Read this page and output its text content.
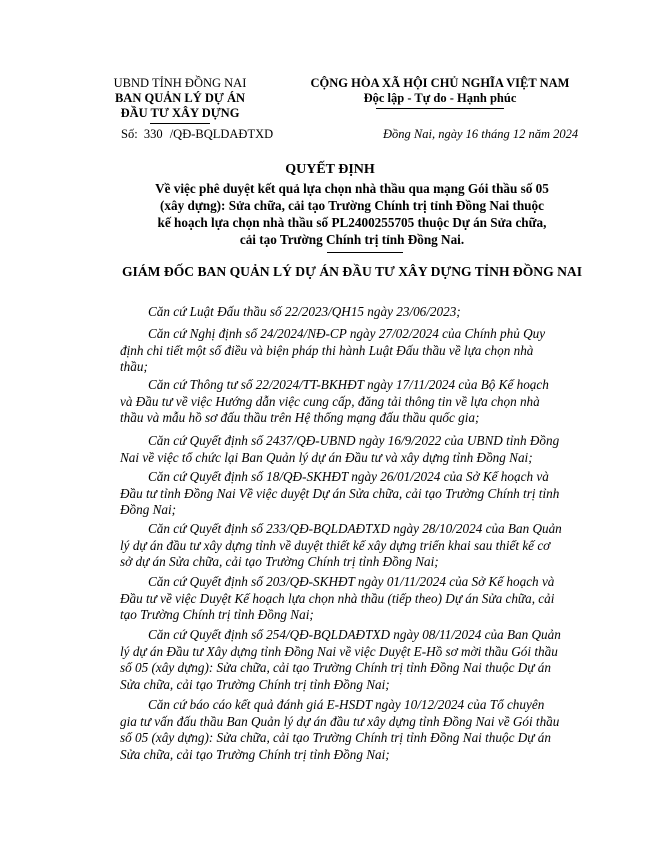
UBND TỈNH ĐỒNG NAI
BAN QUẢN LÝ DỰ ÁN
ĐẦU TƯ XÂY DỰNG
CỘNG HÒA XÃ HỘI CHỦ NGHĨA VIỆT NAM
Độc lập - Tự do - Hạnh phúc
Số: 330 /QĐ-BQLDAĐTXD	Đồng Nai, ngày 16 tháng 12 năm 2024
QUYẾT ĐỊNH
Về việc phê duyệt kết quả lựa chọn nhà thầu qua mạng Gói thầu số 05
(xây dựng): Sửa chữa, cải tạo Trường Chính trị tỉnh Đồng Nai thuộc
kế hoạch lựa chọn nhà thầu số PL2400255705 thuộc Dự án Sửa chữa,
cải tạo Trường Chính trị tỉnh Đồng Nai.
GIÁM ĐỐC BAN QUẢN LÝ DỰ ÁN ĐẦU TƯ XÂY DỰNG TỈNH ĐỒNG NAI
Căn cứ Luật Đấu thầu số 22/2023/QH15 ngày 23/06/2023;
Căn cứ Nghị định số 24/2024/NĐ-CP ngày 27/02/2024 của Chính phủ Quy
định chi tiết một số điều và biện pháp thi hành Luật Đấu thầu về lựa chọn nhà
thầu;
Căn cứ Thông tư số 22/2024/TT-BKHĐT ngày 17/11/2024 của Bộ Kế hoạch
và Đầu tư về việc Hướng dẫn việc cung cấp, đăng tải thông tin về lựa chọn nhà
thầu và mẫu hồ sơ đấu thầu trên Hệ thống mạng đấu thầu quốc gia;
Căn cứ Quyết định số 2437/QĐ-UBND ngày 16/9/2022 của UBND tỉnh Đồng
Nai về việc tổ chức lại Ban Quản lý dự án Đầu tư và xây dựng tỉnh Đồng Nai;
Căn cứ Quyết định số 18/QĐ-SKHĐT ngày 26/01/2024 của Sở Kế hoạch và
Đầu tư tỉnh Đồng Nai Về việc duyệt Dự án Sửa chữa, cải tạo Trường Chính trị tỉnh
Đồng Nai;
Căn cứ Quyết định số 233/QĐ-BQLDAĐTXD ngày 28/10/2024 của Ban Quản
lý dự án đầu tư xây dựng tỉnh về duyệt thiết kế xây dựng triển khai sau thiết kế cơ
sở dự án Sửa chữa, cải tạo Trường Chính trị tỉnh Đồng Nai;
Căn cứ Quyết định số 203/QĐ-SKHĐT ngày 01/11/2024 của Sở Kế hoạch và
Đầu tư về việc Duyệt Kế hoạch lựa chọn nhà thầu (tiếp theo) Dự án Sửa chữa, cải
tạo Trường Chính trị tỉnh Đồng Nai;
Căn cứ Quyết định số 254/QĐ-BQLDAĐTXD ngày 08/11/2024 của Ban Quản
lý dự án Đầu tư Xây dựng tỉnh Đồng Nai về việc Duyệt E-Hồ sơ mời thầu Gói thầu
số 05 (xây dựng): Sửa chữa, cải tạo Trường Chính trị tỉnh Đồng Nai thuộc Dự án
Sửa chữa, cải tạo Trường Chính trị tỉnh Đồng Nai;
Căn cứ báo cáo kết quả đánh giá E-HSDT ngày 10/12/2024 của Tổ chuyên
gia tư vấn đấu thầu Ban Quản lý dự án đầu tư xây dựng tỉnh Đồng Nai về Gói thầu
số 05 (xây dựng): Sửa chữa, cải tạo Trường Chính trị tỉnh Đồng Nai thuộc Dự án
Sửa chữa, cải tạo Trường Chính trị tỉnh Đồng Nai;
